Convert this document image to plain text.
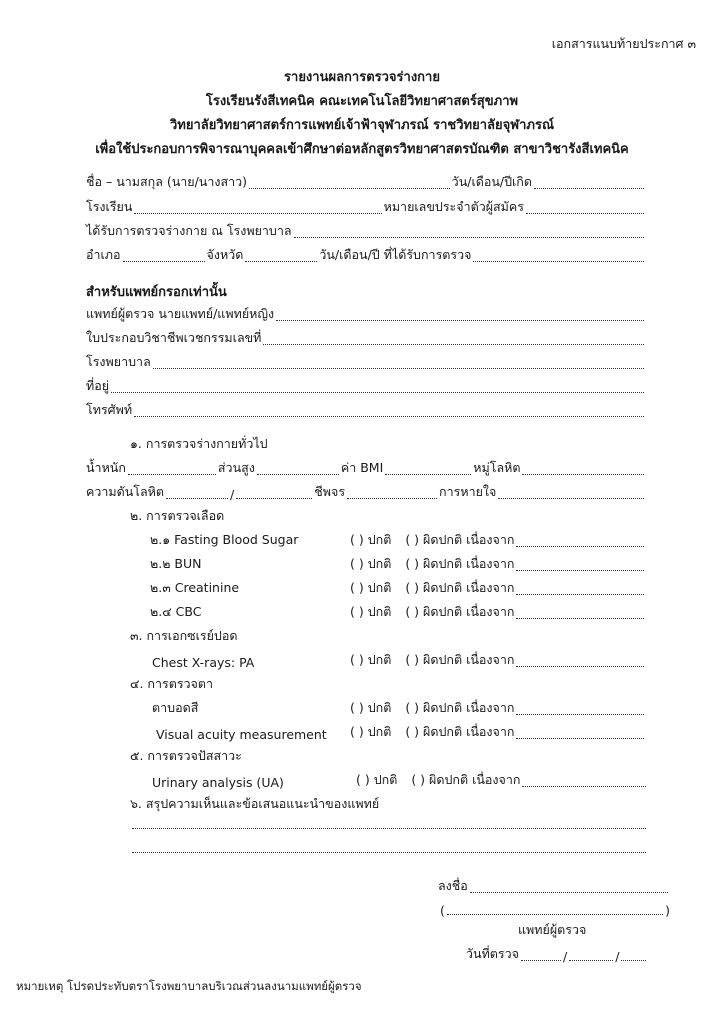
เอกสารแนบท้ายประกาศ ๓
รายงานผลการตรวจร่างกาย
โรงเรียนรังสีเทคนิค คณะเทคโนโลยีวิทยาศาสตร์สุขภาพ
วิทยาลัยวิทยาศาสตร์การแพทย์เจ้าฟ้าจุฬาภรณ์ ราชวิทยาลัยจุฬาภรณ์
เพื่อใช้ประกอบการพิจารณาบุคคลเข้าศึกษาต่อหลักสูตรวิทยาศาสตรบัณฑิต สาขาวิชารังสีเทคนิค
ชื่อ – นามสกุล (นาย/นางสาว)	วัน/เดือน/ปีเกิด
โรงเรียน	หมายเลขประจำตัวผู้สมัคร
ได้รับการตรวจร่างกาย ณ โรงพยาบาล
อำเภอ	จังหวัด	วัน/เดือน/ปี ที่ได้รับการตรวจ
สำหรับแพทย์กรอกเท่านั้น
แพทย์ผู้ตรวจ นายแพทย์/แพทย์หญิง
ใบประกอบวิชาชีพเวชกรรมเลขที่
โรงพยาบาล
ที่อยู่
โทรศัพท์
๑. การตรวจร่างกายทั่วไป
น้ำหนัก	ส่วนสูง	ค่า BMI	หมู่โลหิต
ความดันโลหิต	/	ชีพจร	การหายใจ
๒. การตรวจเลือด
๒.๑ Fasting Blood Sugar	( ) ปกติ ( ) ผิดปกติ เนื่องจาก
๒.๒ BUN	( ) ปกติ ( ) ผิดปกติ เนื่องจาก
๒.๓ Creatinine	( ) ปกติ ( ) ผิดปกติ เนื่องจาก
๒.๔ CBC	( ) ปกติ ( ) ผิดปกติ เนื่องจาก
๓. การเอกซเรย์ปอด
Chest X-rays: PA	( ) ปกติ ( ) ผิดปกติ เนื่องจาก
๔. การตรวจตา
ตาบอดสี	( ) ปกติ ( ) ผิดปกติ เนื่องจาก
Visual acuity measurement ( ) ปกติ ( ) ผิดปกติ เนื่องจาก
๕. การตรวจปัสสาวะ
Urinary analysis (UA)	( ) ปกติ ( ) ผิดปกติ เนื่องจาก
๖. สรุปความเห็นและข้อเสนอแนะนำของแพทย์
ลงชื่อ
(	)
แพทย์ผู้ตรวจ
วันที่ตรวจ	/	/
หมายเหตุ โปรดประทับตราโรงพยาบาลบริเวณส่วนลงนามแพทย์ผู้ตรวจ
